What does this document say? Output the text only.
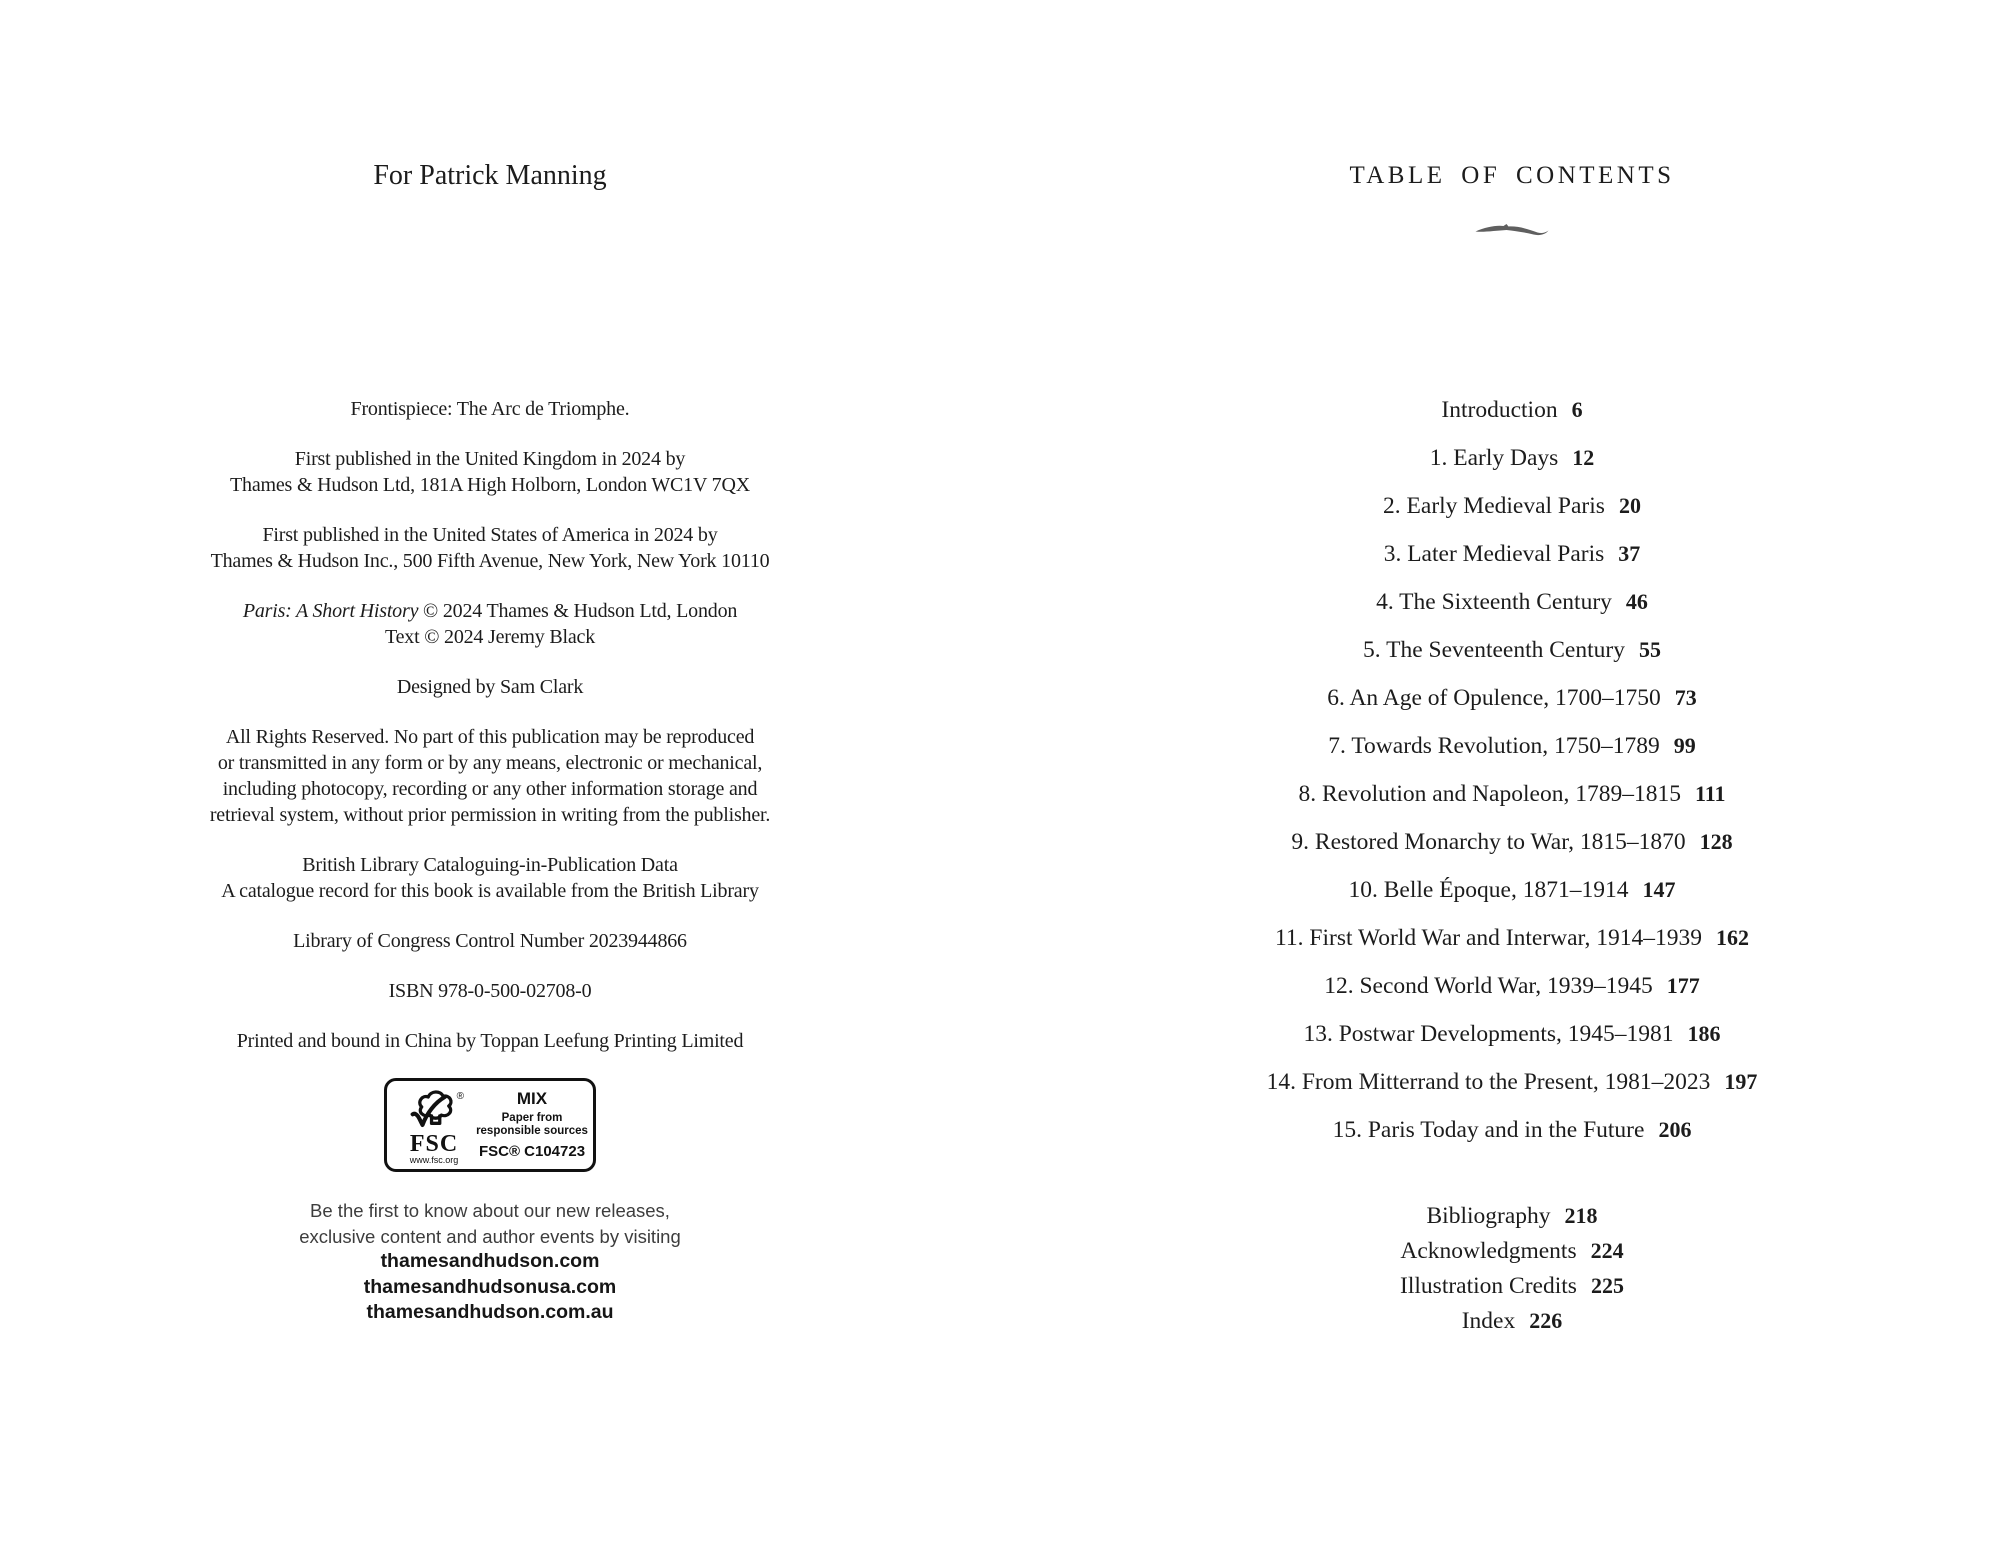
For Patrick Manning

Frontispiece: The Arc de Triomphe.

First published in the United Kingdom in 2024 by
Thames & Hudson Ltd, 181A High Holborn, London WC1V 7QX

First published in the United States of America in 2024 by
Thames & Hudson Inc., 500 Fifth Avenue, New York, New York 10110

Paris: A Short History © 2024 Thames & Hudson Ltd, London
Text © 2024 Jeremy Black

Designed by Sam Clark

All Rights Reserved. No part of this publication may be reproduced
or transmitted in any form or by any means, electronic or mechanical,
including photocopy, recording or any other information storage and
retrieval system, without prior permission in writing from the publisher.

British Library Cataloguing-in-Publication Data
A catalogue record for this book is available from the British Library

Library of Congress Control Number 2023944866

ISBN 978-0-500-02708-0

Printed and bound in China by Toppan Leefung Printing Limited

®
FSC
www.fsc.org
MIX
Paper from
responsible sources
FSC® C104723

Be the first to know about our new releases,
exclusive content and author events by visiting

thamesandhudson.com
thamesandhudsonusa.com
thamesandhudson.com.au
TABLE OF CONTENTS
Introduction 6
1. Early Days 12
2. Early Medieval Paris 20
3. Later Medieval Paris 37
4. The Sixteenth Century 46
5. The Seventeenth Century 55
6. An Age of Opulence, 1700–1750 73
7. Towards Revolution, 1750–1789 99
8. Revolution and Napoleon, 1789–1815 111
9. Restored Monarchy to War, 1815–1870 128
10. Belle Époque, 1871–1914 147
11. First World War and Interwar, 1914–1939 162
12. Second World War, 1939–1945 177
13. Postwar Developments, 1945–1981 186
14. From Mitterrand to the Present, 1981–2023 197
15. Paris Today and in the Future 206
Bibliography 218
Acknowledgments 224
Illustration Credits 225
Index 226
